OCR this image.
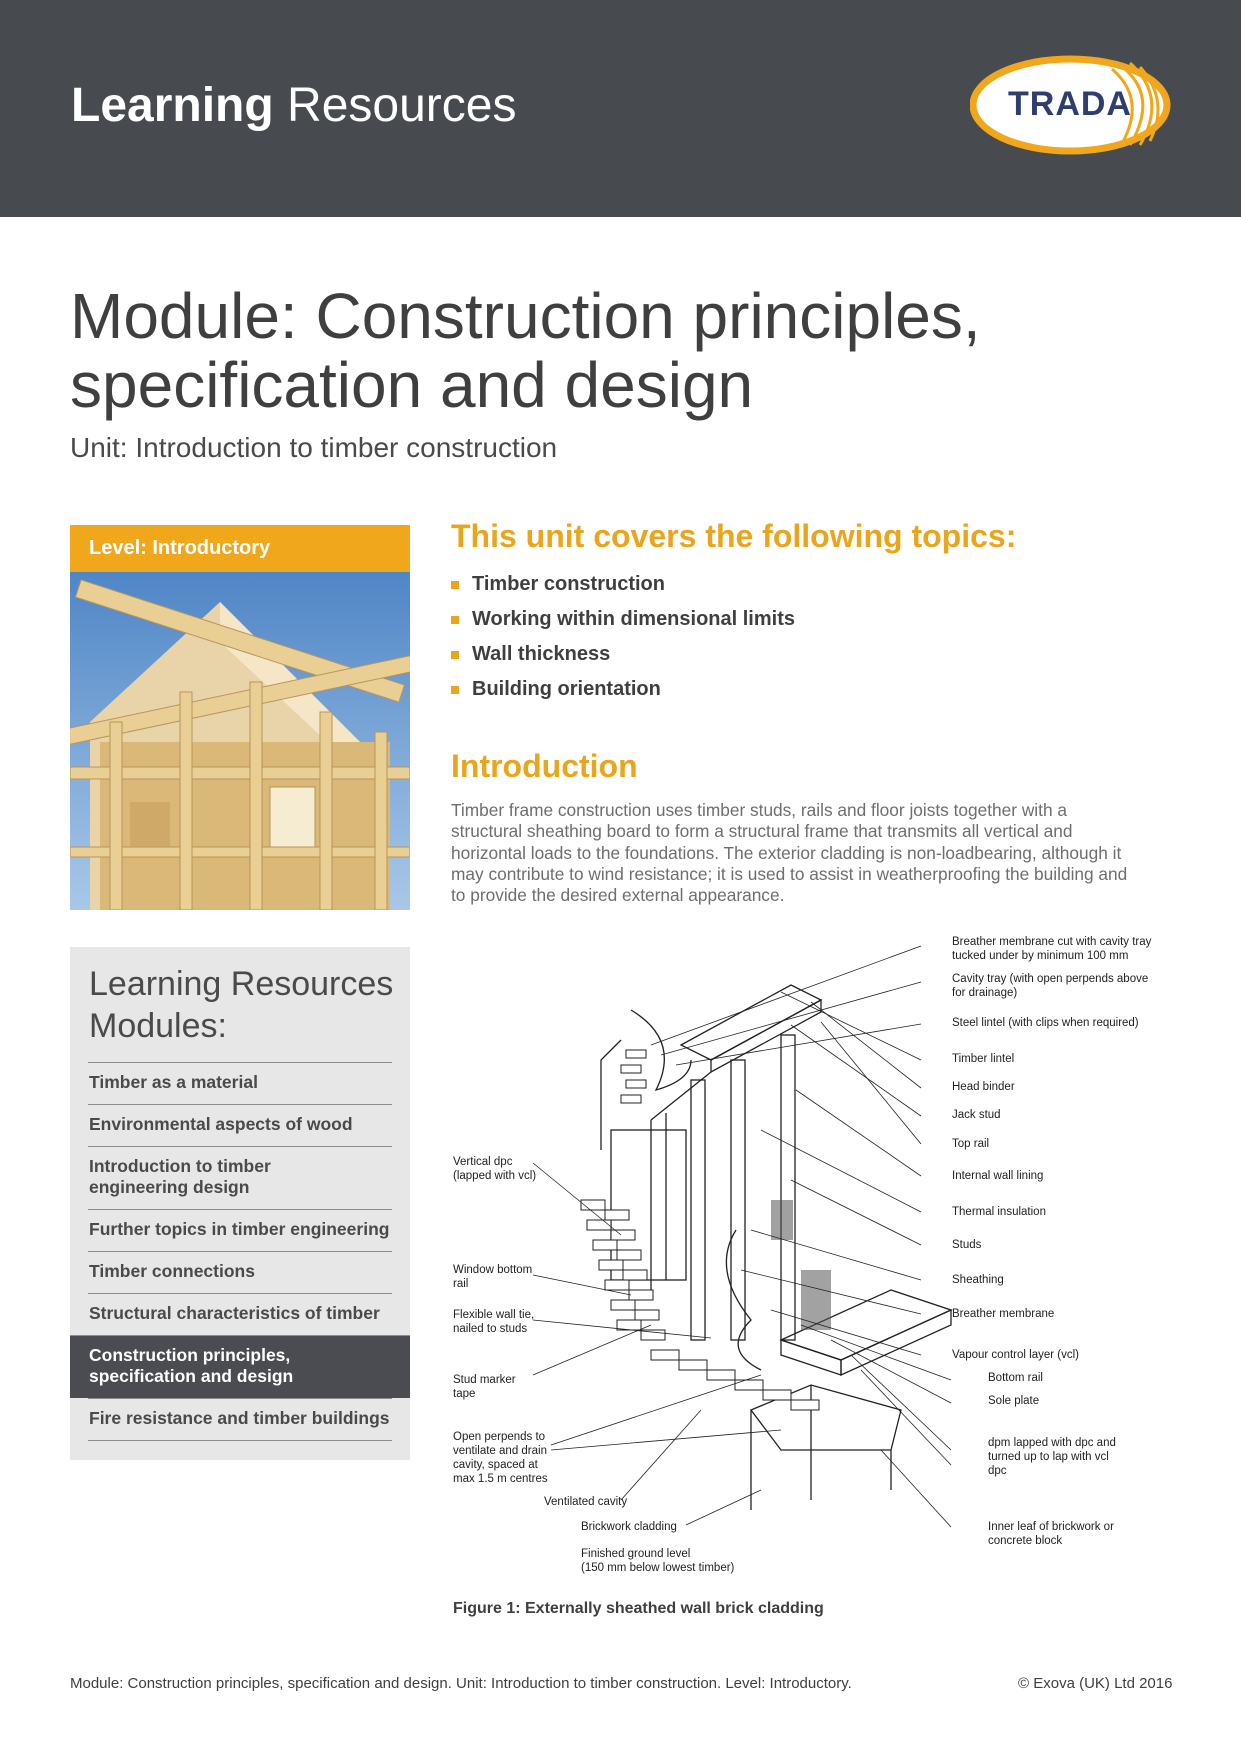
Learning Resources	TRADA
Module: Construction principles,
specification and design
Unit: Introduction to timber construction
Level: Introductory
Learning Resources
Modules:
Timber as a material
Environmental aspects of wood
Introduction to timber
engineering design
Further topics in timber engineering
Timber connections
Structural characteristics of timber
Construction principles,
specification and design
Fire resistance and timber buildings
This unit covers the following topics:
Timber construction
Working within dimensional limits
Wall thickness
Building orientation
Introduction
Timber frame construction uses timber studs, rails and floor joists together with a
structural sheathing board to form a structural frame that transmits all vertical and
horizontal loads to the foundations. The exterior cladding is non-loadbearing, although it
may contribute to wind resistance; it is used to assist in weatherproofing the building and
to provide the desired external appearance.
Breather membrane cut with cavity tray
tucked under by minimum 100 mm
Cavity tray (with open perpends above
for drainage)
Steel lintel (with clips when required)
Timber lintel
Head binder
Jack stud
Top rail
Internal wall lining
Thermal insulation
Studs
Sheathing
Breather membrane
Vapour control layer (vcl)
Bottom rail
Sole plate
dpm lapped with dpc and
turned up to lap with vcl
dpc
Inner leaf of brickwork or
concrete block
Vertical dpc
(lapped with vcl)
Window bottom
rail
Flexible wall tie,
nailed to studs
Stud marker
tape
Open perpends to
ventilate and drain
cavity, spaced at
max 1.5 m centres
Ventilated cavity
Brickwork cladding
Finished ground level
(150 mm below lowest timber)
Figure 1: Externally sheathed wall brick cladding
Module: Construction principles, specification and design. Unit: Introduction to timber construction. Level: Introductory.	© Exova (UK) Ltd 2016
